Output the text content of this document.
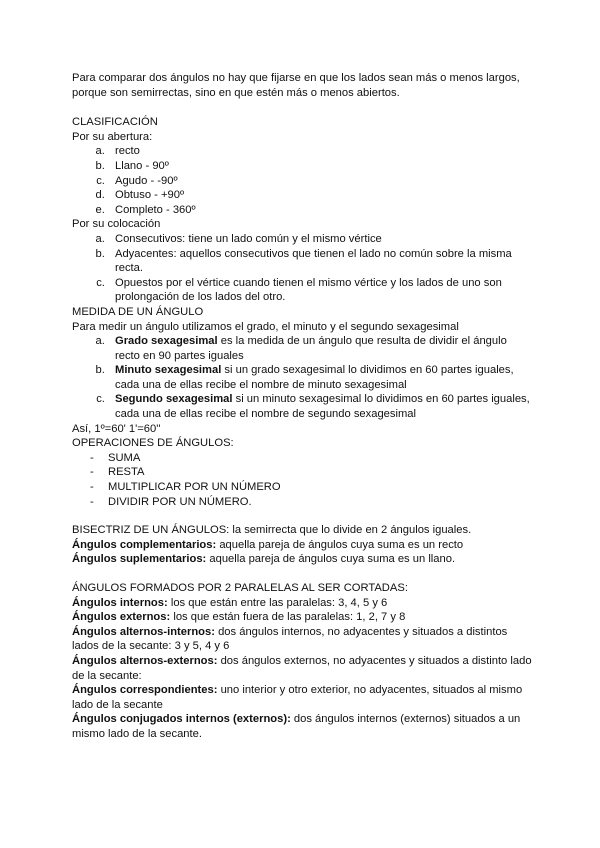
Para comparar dos ángulos no hay que fijarse en que los lados sean más o menos largos, porque son semirrectas, sino en que estén más o menos abiertos.

CLASIFICACIÓN

Por su abertura:

a. recto
b. Llano - 90º
c. Agudo - -90º
d. Obtuso - +90º
e. Completo - 360º

Por su colocación

a. Consecutivos: tiene un lado común y el mismo vértice
b. Adyacentes: aquellos consecutivos que tienen el lado no común sobre la misma recta.
c. Opuestos por el vértice cuando tienen el mismo vértice y los lados de uno son prolongación de los lados del otro.

MEDIDA DE UN ÁNGULO

Para medir un ángulo utilizamos el grado, el minuto y el segundo sexagesimal

a. Grado sexagesimal es la medida de un ángulo que resulta de dividir el ángulo recto en 90 partes iguales
b. Minuto sexagesimal si un grado sexagesimal lo dividimos en 60 partes iguales, cada una de ellas recibe el nombre de minuto sexagesimal
c. Segundo sexagesimal si un minuto sexagesimal lo dividimos en 60 partes iguales, cada una de ellas recibe el nombre de segundo sexagesimal

Así, 1º=60' 1'=60''

OPERACIONES DE ÁNGULOS:

- SUMA
- RESTA
- MULTIPLICAR POR UN NÚMERO
- DIVIDIR POR UN NÚMERO.

BISECTRIZ DE UN ÁNGULOS: la semirrecta que lo divide en 2 ángulos iguales.

Ángulos complementarios: aquella pareja de ángulos cuya suma es un recto

Ángulos suplementarios: aquella pareja de ángulos cuya suma es un llano.

ÁNGULOS FORMADOS POR 2 PARALELAS AL SER CORTADAS:

Ángulos internos: los que están entre las paralelas: 3, 4, 5 y 6

Ángulos externos: los que están fuera de las paralelas: 1, 2, 7 y 8

Ángulos alternos-internos: dos ángulos internos, no adyacentes y situados a distintos lados de la secante: 3 y 5, 4 y 6

Ángulos alternos-externos: dos ángulos externos, no adyacentes y situados a distinto lado de la secante:

Ángulos correspondientes: uno interior y otro exterior, no adyacentes, situados al mismo lado de la secante

Ángulos conjugados internos (externos): dos ángulos internos (externos) situados a un mismo lado de la secante.
